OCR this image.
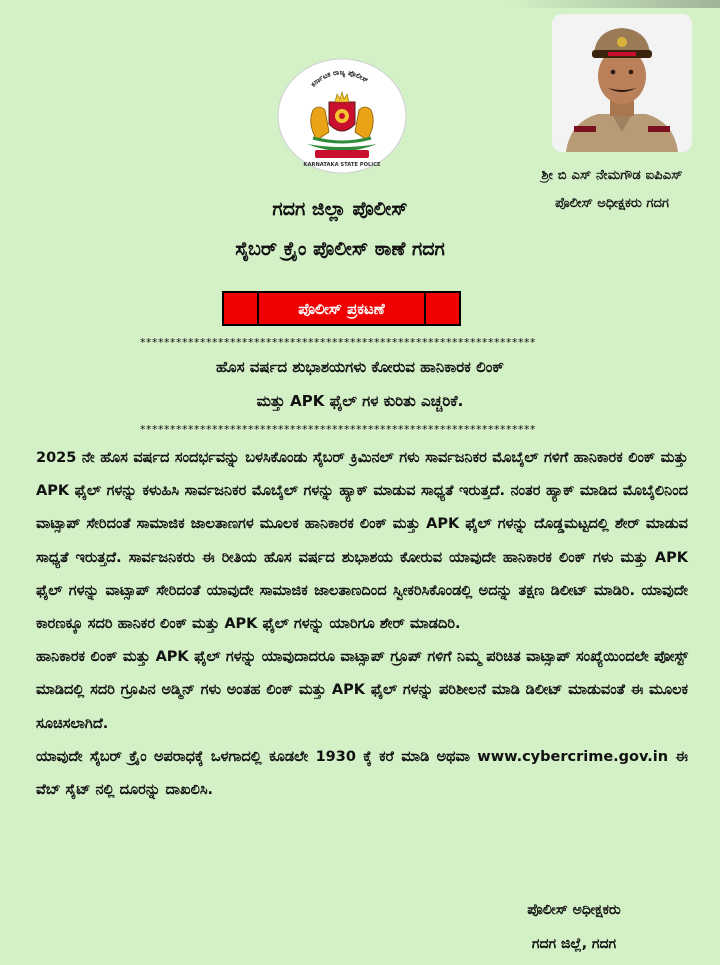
ಕರ್ನಾಟಕ ರಾಜ್ಯ ಪೊಲೀಸ್
KARNATAKA STATE POLICE
ಶ್ರೀ ಬಿ ಎಸ್ ನೇಮಗೌಡ ಐಪಿಎಸ್
ಪೊಲೀಸ್ ಅಧೀಕ್ಷಕರು ಗದಗ
ಗದಗ ಜಿಲ್ಲಾ ಪೊಲೀಸ್
ಸೈಬರ್ ಕ್ರೈಂ ಪೊಲೀಸ್ ಠಾಣೆ ಗದಗ
ಪೊಲೀಸ್ ಪ್ರಕಟಣೆ
******************************************************************
ಹೊಸ ವರ್ಷದ ಶುಭಾಶಯಗಳು ಕೋರುವ ಹಾನಿಕಾರಕ ಲಿಂಕ್
ಮತ್ತು APK ಫೈಲ್ ಗಳ ಕುರಿತು ಎಚ್ಚರಿಕೆ.
******************************************************************

2025 ನೇ ಹೊಸ ವರ್ಷದ ಸಂದರ್ಭವನ್ನು ಬಳಸಿಕೊಂಡು ಸೈಬರ್ ಕ್ರಿಮಿನಲ್ ಗಳು ಸಾರ್ವಜನಿಕರ ಮೊಬೈಲ್ ಗಳಿಗೆ ಹಾನಿಕಾರಕ ಲಿಂಕ್ ಮತ್ತು APK ಫೈಲ್ ಗಳನ್ನು ಕಳುಹಿಸಿ ಸಾರ್ವಜನಿಕರ ಮೊಬೈಲ್ ಗಳನ್ನು ಹ್ಯಾಕ್ ಮಾಡುವ ಸಾಧ್ಯತೆ ಇರುತ್ತದೆ. ನಂತರ ಹ್ಯಾಕ್ ಮಾಡಿದ ಮೊಬೈಲಿನಿಂದ ವಾಟ್ಸಾಪ್ ಸೇರಿದಂತೆ ಸಾಮಾಜಿಕ ಜಾಲತಾಣಗಳ ಮೂಲಕ ಹಾನಿಕಾರಕ ಲಿಂಕ್ ಮತ್ತು APK ಫೈಲ್ ಗಳನ್ನು ದೊಡ್ಡಮಟ್ಟದಲ್ಲಿ ಶೇರ್ ಮಾಡುವ ಸಾಧ್ಯತೆ ಇರುತ್ತದೆ. ಸಾರ್ವಜನಿಕರು ಈ ರೀತಿಯ ಹೊಸ ವರ್ಷದ ಶುಭಾಶಯ ಕೋರುವ ಯಾವುದೇ ಹಾನಿಕಾರಕ ಲಿಂಕ್ ಗಳು ಮತ್ತು APK ಫೈಲ್ ಗಳನ್ನು ವಾಟ್ಸಾಪ್ ಸೇರಿದಂತೆ ಯಾವುದೇ ಸಾಮಾಜಿಕ ಜಾಲತಾಣದಿಂದ ಸ್ವೀಕರಿಸಿಕೊಂಡಲ್ಲಿ ಅದನ್ನು ತಕ್ಷಣ ಡಿಲೀಟ್ ಮಾಡಿರಿ. ಯಾವುದೇ ಕಾರಣಕ್ಕೂ ಸದರಿ ಹಾನಿಕರ ಲಿಂಕ್ ಮತ್ತು APK ಫೈಲ್ ಗಳನ್ನು ಯಾರಿಗೂ ಶೇರ್ ಮಾಡದಿರಿ.

ಹಾನಿಕಾರಕ ಲಿಂಕ್ ಮತ್ತು APK ಫೈಲ್ ಗಳನ್ನು ಯಾವುದಾದರೂ ವಾಟ್ಸಾಪ್ ಗ್ರೂಪ್ ಗಳಿಗೆ ನಿಮ್ಮ ಪರಿಚಿತ ವಾಟ್ಸಾಪ್ ಸಂಖ್ಯೆಯಿಂದಲೇ ಪೋಸ್ಟ್ ಮಾಡಿದಲ್ಲಿ ಸದರಿ ಗ್ರೂಪಿನ ಅಡ್ಮಿನ್ ಗಳು ಅಂತಹ ಲಿಂಕ್ ಮತ್ತು APK ಫೈಲ್ ಗಳನ್ನು ಪರಿಶೀಲನೆ ಮಾಡಿ ಡಿಲೀಟ್ ಮಾಡುವಂತೆ ಈ ಮೂಲಕ ಸೂಚಿಸಲಾಗಿದೆ.

ಯಾವುದೇ ಸೈಬರ್ ಕ್ರೈಂ ಅಪರಾಧಕ್ಕೆ ಒಳಗಾದಲ್ಲಿ ಕೂಡಲೇ 1930 ಕ್ಕೆ ಕರೆ ಮಾಡಿ ಅಥವಾ www.cybercrime.gov.in ಈ ವೆಬ್ ಸೈಟ್ ನಲ್ಲಿ ದೂರನ್ನು ದಾಖಲಿಸಿ.

ಪೊಲೀಸ್ ಅಧೀಕ್ಷಕರು
ಗದಗ ಜಿಲ್ಲೆ, ಗದಗ
